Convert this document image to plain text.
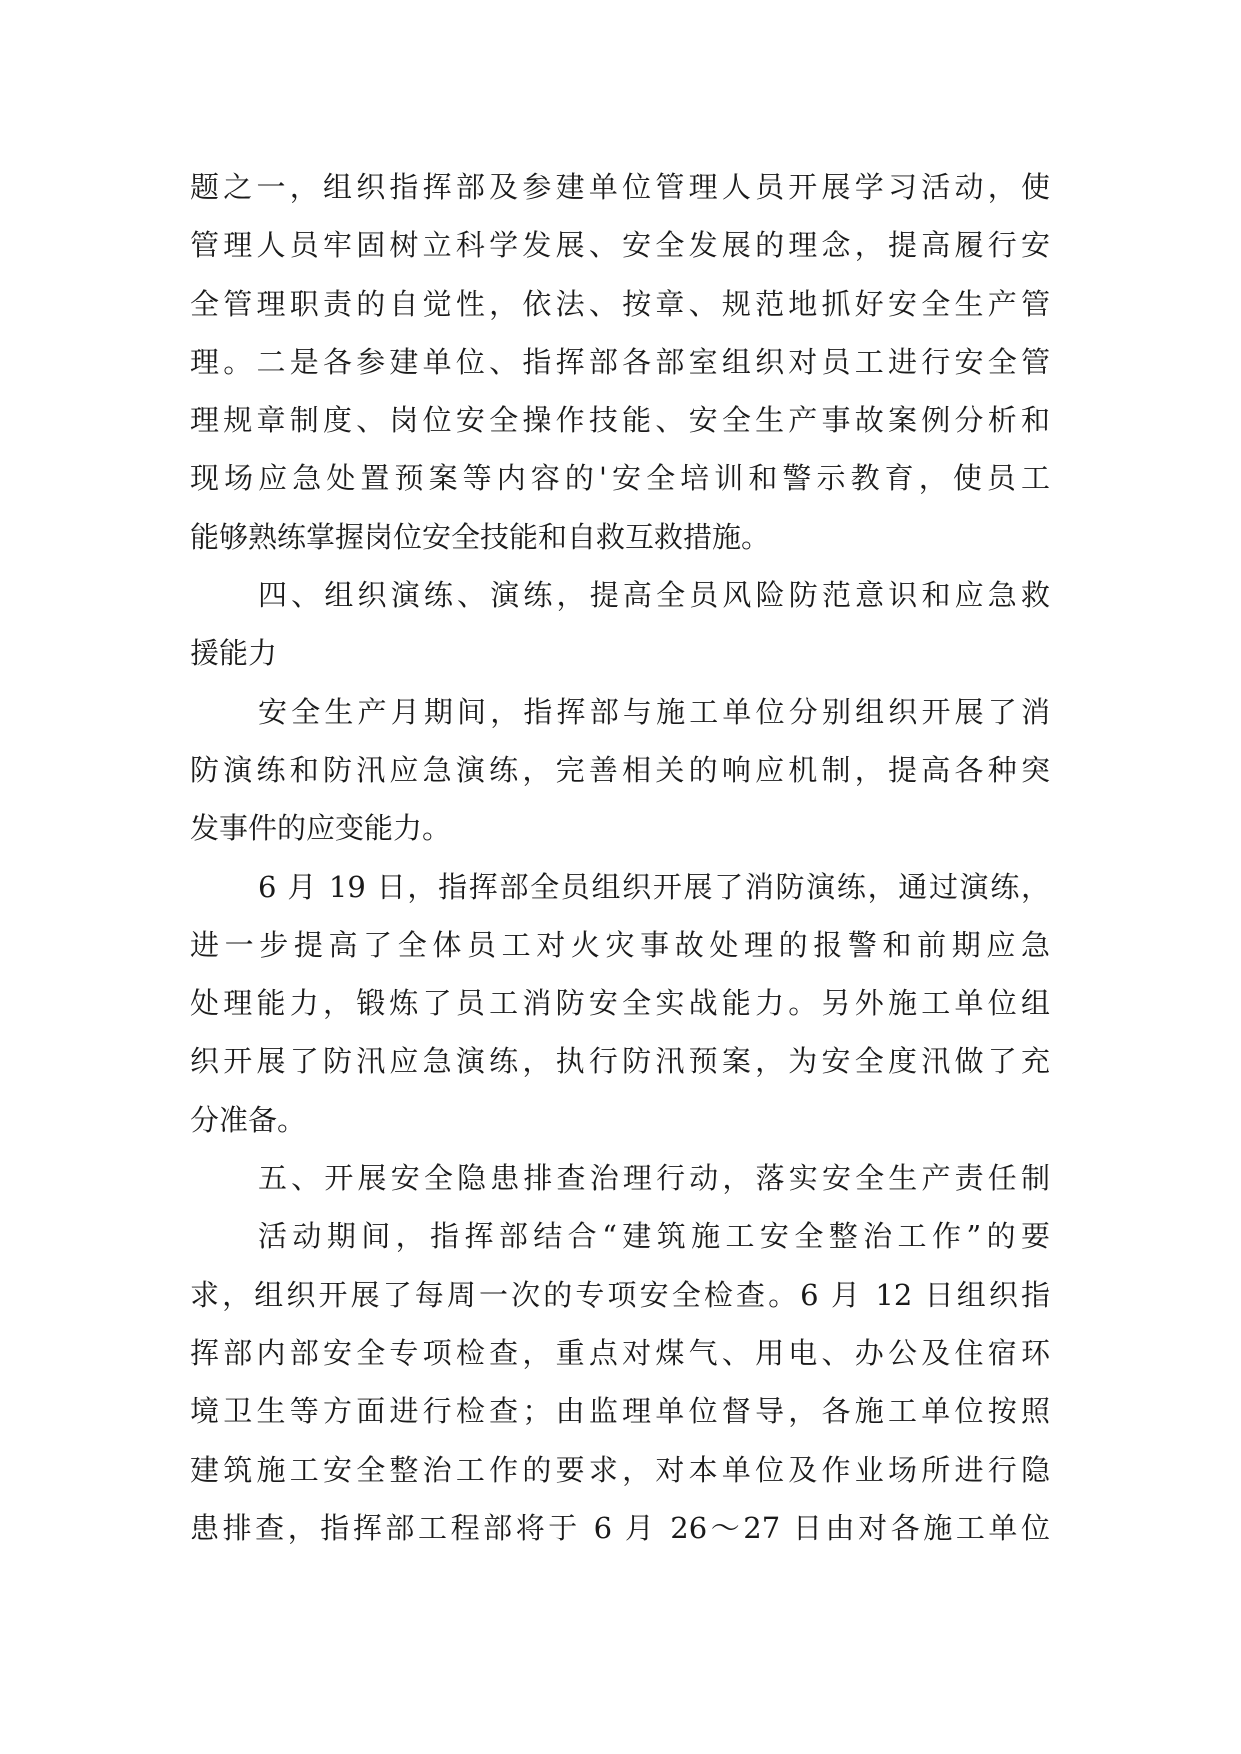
题之一，组织指挥部及参建单位管理人员开展学习活动，使
管理人员牢固树立科学发展、安全发展的理念，提高履行安
全管理职责的自觉性，依法、按章、规范地抓好安全生产管
理。二是各参建单位、指挥部各部室组织对员工进行安全管
理规章制度、岗位安全操作技能、安全生产事故案例分析和
现场应急处置预案等内容的'安全培训和警示教育，使员工
能够熟练掌握岗位安全技能和自救互救措施。
四、组织演练、演练，提高全员风险防范意识和应急救
援能力
安全生产月期间，指挥部与施工单位分别组织开展了消
防演练和防汛应急演练，完善相关的响应机制，提高各种突
发事件的应变能力。
6 月 19 日，指挥部全员组织开展了消防演练，通过演练，
进一步提高了全体员工对火灾事故处理的报警和前期应急
处理能力，锻炼了员工消防安全实战能力。另外施工单位组
织开展了防汛应急演练，执行防汛预案，为安全度汛做了充
分准备。
五、开展安全隐患排查治理行动，落实安全生产责任制
活动期间，指挥部结合“建筑施工安全整治工作”的要
求，组织开展了每周一次的专项安全检查。6 月 12 日组织指
挥部内部安全专项检查，重点对煤气、用电、办公及住宿环
境卫生等方面进行检查；由监理单位督导，各施工单位按照
建筑施工安全整治工作的要求，对本单位及作业场所进行隐
患排查，指挥部工程部将于 6 月 26～27 日由对各施工单位
